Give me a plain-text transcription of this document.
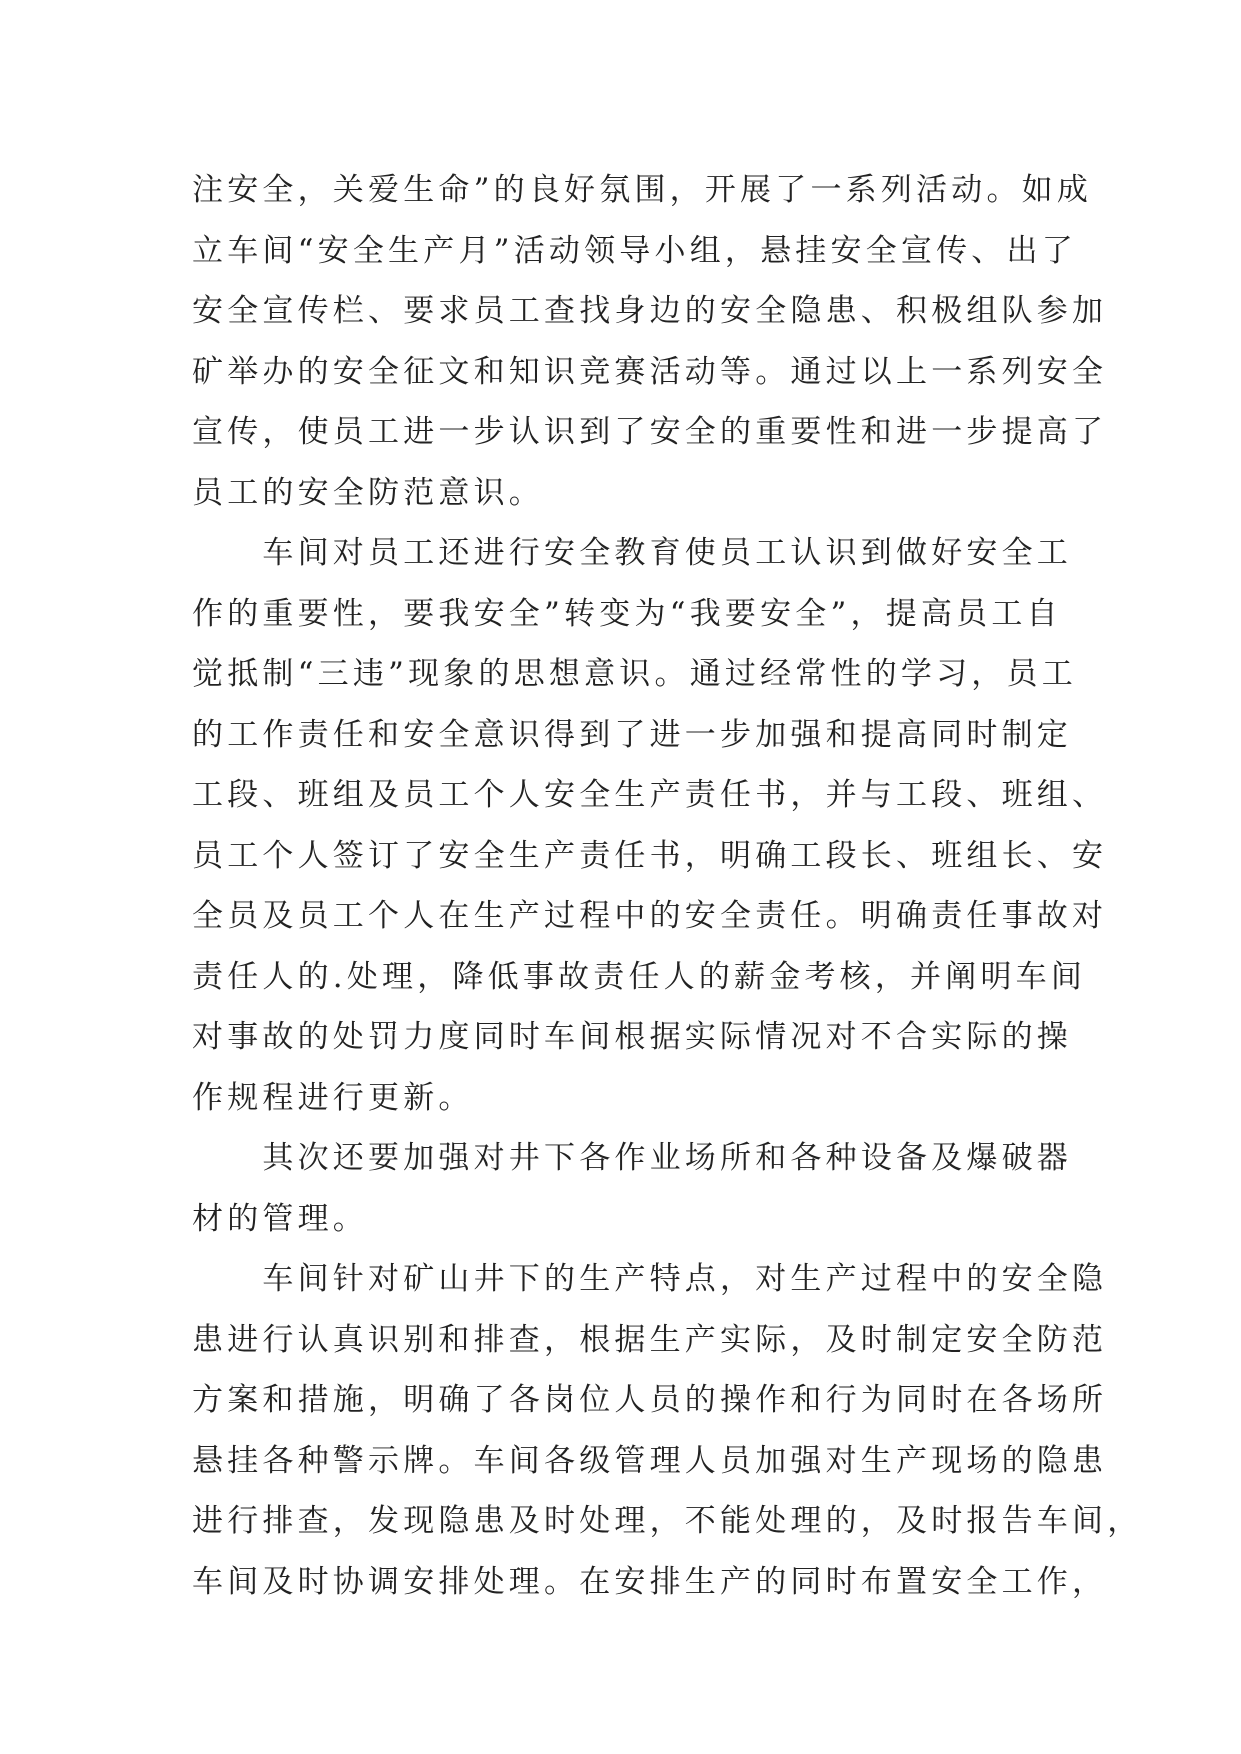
注安全，关爱生命”的良好氛围，开展了一系列活动。如成
立车间“安全生产月”活动领导小组，悬挂安全宣传、出了
安全宣传栏、要求员工查找身边的安全隐患、积极组队参加
矿举办的安全征文和知识竞赛活动等。通过以上一系列安全
宣传，使员工进一步认识到了安全的重要性和进一步提高了
员工的安全防范意识。
　　车间对员工还进行安全教育使员工认识到做好安全工
作的重要性，要我安全”转变为“我要安全”，提高员工自
觉抵制“三违”现象的思想意识。通过经常性的学习，员工
的工作责任和安全意识得到了进一步加强和提高同时制定
工段、班组及员工个人安全生产责任书，并与工段、班组、
员工个人签订了安全生产责任书，明确工段长、班组长、安
全员及员工个人在生产过程中的安全责任。明确责任事故对
责任人的.处理，降低事故责任人的薪金考核，并阐明车间
对事故的处罚力度同时车间根据实际情况对不合实际的操
作规程进行更新。
　　其次还要加强对井下各作业场所和各种设备及爆破器
材的管理。
　　车间针对矿山井下的生产特点，对生产过程中的安全隐
患进行认真识别和排查，根据生产实际，及时制定安全防范
方案和措施，明确了各岗位人员的操作和行为同时在各场所
悬挂各种警示牌。车间各级管理人员加强对生产现场的隐患
进行排查，发现隐患及时处理，不能处理的，及时报告车间，
车间及时协调安排处理。在安排生产的同时布置安全工作，
